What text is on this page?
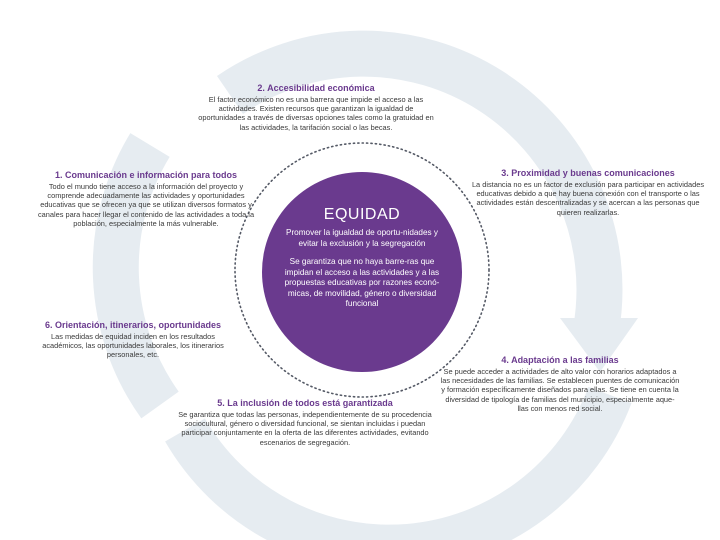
EQUIDAD

Promover la igualdad de oportu-nidades y evitar la exclusión y la segregación

Se garantiza que no haya barre-ras que impidan el acceso a las actividades y a las propuestas educativas por razones econó-micas, de movilidad, género o diversidad funcional

1. Comunicación e información para todos

Todo el mundo tiene acceso a la información del proyecto y comprende adecuadamente las actividades y oportunidades educativas que se ofrecen ya que se utilizan diversos formatos y canales para hacer llegar el contenido de las actividades a toda la población, especialmente la más vulnerable.

2. Accesibilidad económica

El factor económico no es una barrera que impide el acceso a las actividades. Existen recursos que garantizan la igualdad de oportunidades a través de diversas opciones tales como la gratuidad en las actividades, la tarifación social o las becas.

3. Proximidad y buenas comunicaciones

La distancia no es un factor de exclusión para participar en actividades educativas debido a que hay buena conexión con el transporte o las actividades están descentralizadas y se acercan a las personas que quieren realizarlas.

4. Adaptación a las familias

Se puede acceder a actividades de alto valor con horarios adaptados a las necesidades de las familias. Se establecen puentes de comunicación y formación específicamente diseñados para ellas. Se tiene en cuenta la diversidad de tipología de familias del municipio, especialmente aque-llas con menos red social.

5. La inclusión de todos está garantizada

Se garantiza que todas las personas, independientemente de su procedencia sociocultural, género o diversidad funcional, se sientan incluidas i puedan participar conjuntamente en la oferta de las diferentes actividades, evitando escenarios de segregación.

6. Orientación, itinerarios, oportunidades

Las medidas de equidad inciden en los resultados académicos, las oportunidades laborales, los itinerarios personales, etc.
